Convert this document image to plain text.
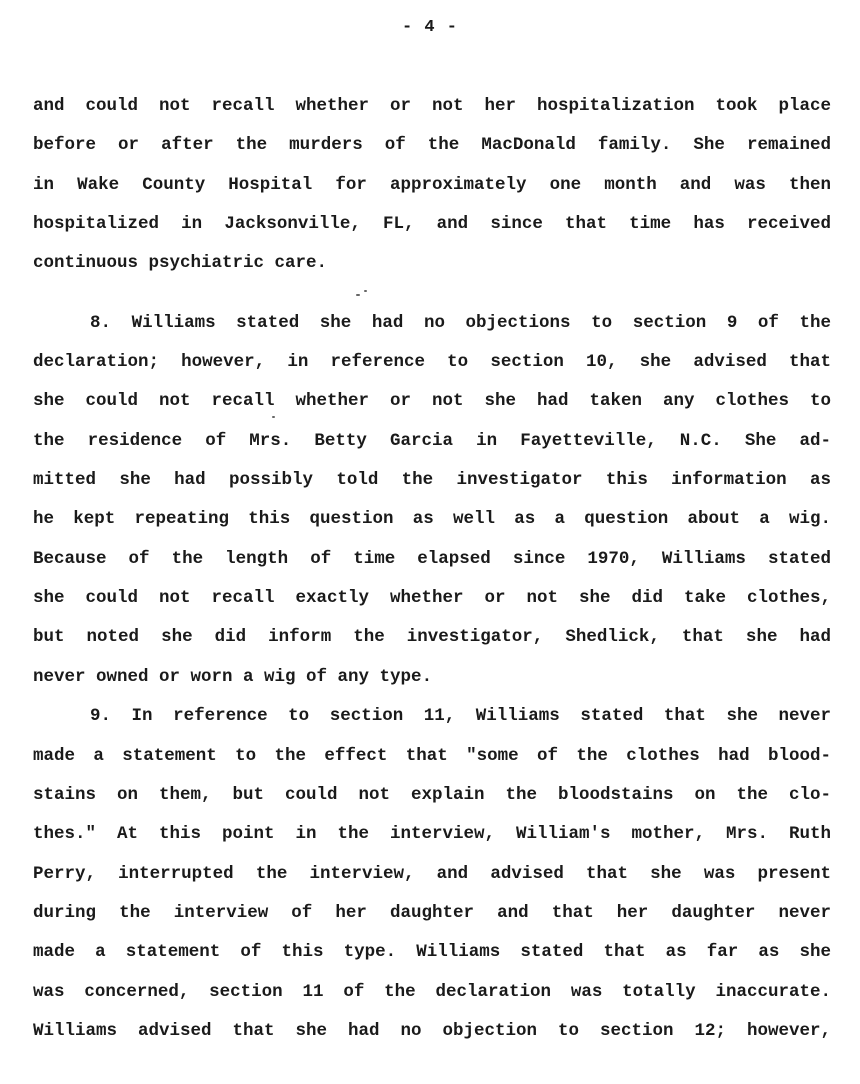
- 4 -
and could not recall whether or not her hospitalization took place
before or after the murders of the MacDonald family. She remained
in Wake County Hospital for approximately one month and was then
hospitalized in Jacksonville, FL, and since that time has received
continuous psychiatric care.
8. Williams stated she had no objections to section 9 of the
declaration; however, in reference to section 10, she advised that
she could not recall whether or not she had taken any clothes to
the residence of Mrs. Betty Garcia in Fayetteville, N.C. She ad-
mitted she had possibly told the investigator this information as
he kept repeating this question as well as a question about a wig.
Because of the length of time elapsed since 1970, Williams stated
she could not recall exactly whether or not she did take clothes,
but noted she did inform the investigator, Shedlick, that she had
never owned or worn a wig of any type.
9. In reference to section 11, Williams stated that she never
made a statement to the effect that "some of the clothes had blood-
stains on them, but could not explain the bloodstains on the clo-
thes." At this point in the interview, William's mother, Mrs. Ruth
Perry, interrupted the interview, and advised that she was present
during the interview of her daughter and that her daughter never
made a statement of this type. Williams stated that as far as she
was concerned, section 11 of the declaration was totally inaccurate.
Williams advised that she had no objection to section 12; however,
